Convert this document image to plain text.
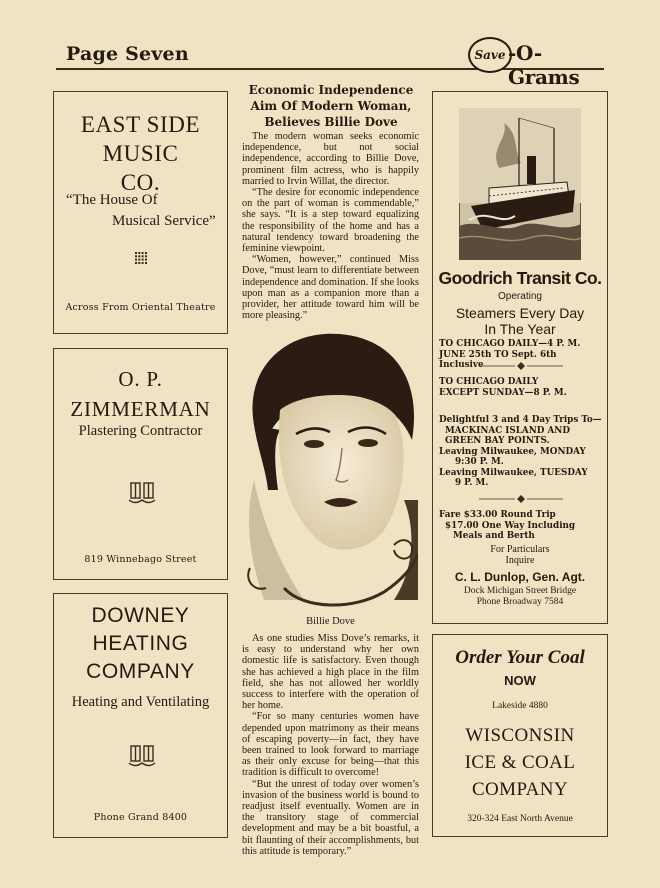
Page Seven	Save -O-Grams
EAST SIDE
MUSIC
CO.
“The House Of
Musical Service”
Across From Oriental Theatre
O. P.
ZIMMERMAN
Plastering Contractor
819 Winnebago Street
DOWNEY
HEATING
COMPANY
Heating and Ventilating
Phone Grand 8400
Economic Independence
Aim Of Modern Woman,
Believes Billie Dove

The modern woman seeks economic independence, but not social independence, according to Billie Dove, prominent film actress, who is happily married to Irvin Willat, the director.

“The desire for economic independence on the part of woman is commendable,” she says. “It is a step toward equalizing the responsibility of the home and has a natural tendency toward broadening the feminine viewpoint.

“Women, however,” continued Miss Dove, “must learn to differentiate between independence and domination. If she looks upon man as a companion more than a provider, her attitude toward him will be more pleasing.”

Billie Dove

As one studies Miss Dove’s remarks, it is easy to understand why her own domestic life is satisfactory. Even though she has achieved a high place in the film field, she has not allowed her worldly success to interfere with the operation of her home.

“For so many centuries women have depended upon matrimony as their means of escaping poverty—in fact, they have been trained to look forward to marriage as their only excuse for being—that this tradition is difficult to overcome!

“But the unrest of today over women’s invasion of the business world is bound to readjust itself eventually. Women are in the transitory stage of commercial development and may be a bit boastful, a bit flaunting of their accomplishments, but this attitude is temporary.”

Goodrich Transit Co.
Operating
Steamers Every Day
In The Year
TO CHICAGO DAILY—4 P. M.
JUNE 25th TO Sept. 6th Inclusive
TO CHICAGO DAILY
EXCEPT SUNDAY—8 P. M.
Delightful 3 and 4 Day Trips To—
MACKINAC ISLAND AND
GREEN BAY POINTS.
Leaving Milwaukee, MONDAY
9:30 P. M.
Leaving Milwaukee, TUESDAY
9 P. M.
Fare $33.00 Round Trip
$17.00 One Way Including
Meals and Berth
For Particulars
Inquire
C. L. Dunlop, Gen. Agt.
Dock Michigan Street Bridge
Phone Broadway 7584
Order Your Coal
NOW
Lakeside 4880
WISCONSIN
ICE & COAL
COMPANY
320-324 East North Avenue
